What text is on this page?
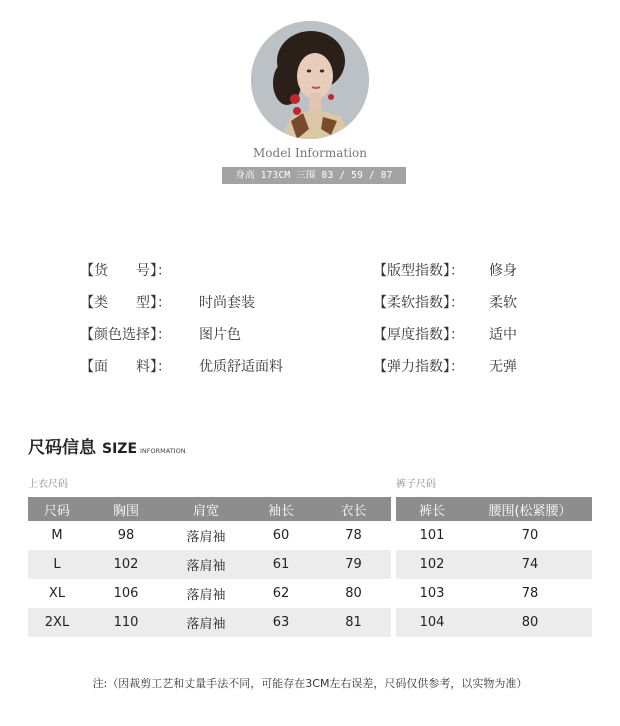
Model Information
身高 173CM 三围 83 / 59 / 87
【货　　号】：
【类　　型】： 时尚套装
【颜色选择】： 图片色
【面　　料】： 优质舒适面料
【版型指数】： 修身
【柔软指数】： 柔软
【厚度指数】： 适中
【弹力指数】： 无弹
尺码信息 SIZE INFORMATION
上衣尺码	裤子尺码
尺码	胸围	肩宽	袖长	衣长
M	98	落肩袖	60	78
L	102	落肩袖	61	79
XL	106	落肩袖	62	80
2XL	110	落肩袖	63	81
裤长	腰围(松紧腰）
101	70
102	74
103	78
104	80
注:（因裁剪工艺和丈量手法不同，可能存在3CM左右误差，尺码仅供参考，以实物为准）
